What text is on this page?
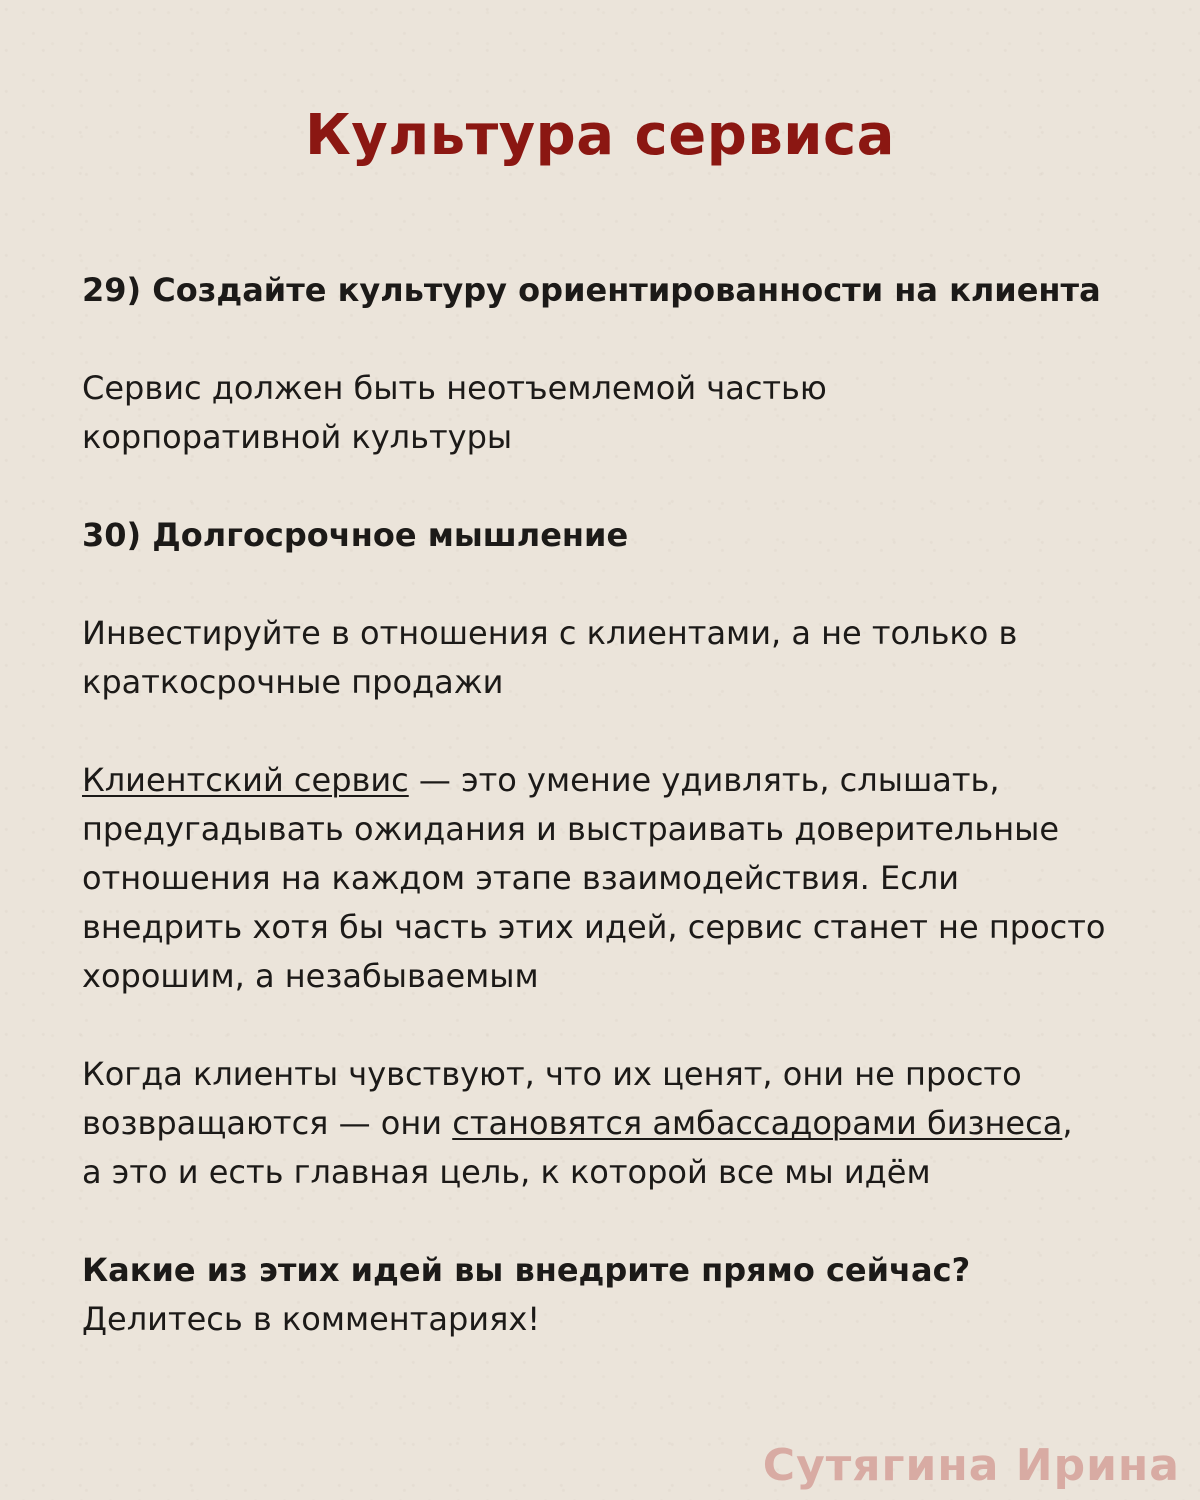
Культура сервиса

29) Создайте культуру ориентированности на клиента

Сервис должен быть неотъемлемой частью
корпоративной культуры

30) Долгосрочное мышление

Инвестируйте в отношения с клиентами, а не только в
краткосрочные продажи

Клиентский сервис — это умение удивлять, слышать,
предугадывать ожидания и выстраивать доверительные
отношения на каждом этапе взаимодействия. Если
внедрить хотя бы часть этих идей, сервис станет не просто
хорошим, а незабываемым

Когда клиенты чувствуют, что их ценят, они не просто
возвращаются — они становятся амбассадорами бизнеса,
а это и есть главная цель, к которой все мы идём

Какие из этих идей вы внедрите прямо сейчас?
Делитесь в комментариях!

Сутягина Ирина
